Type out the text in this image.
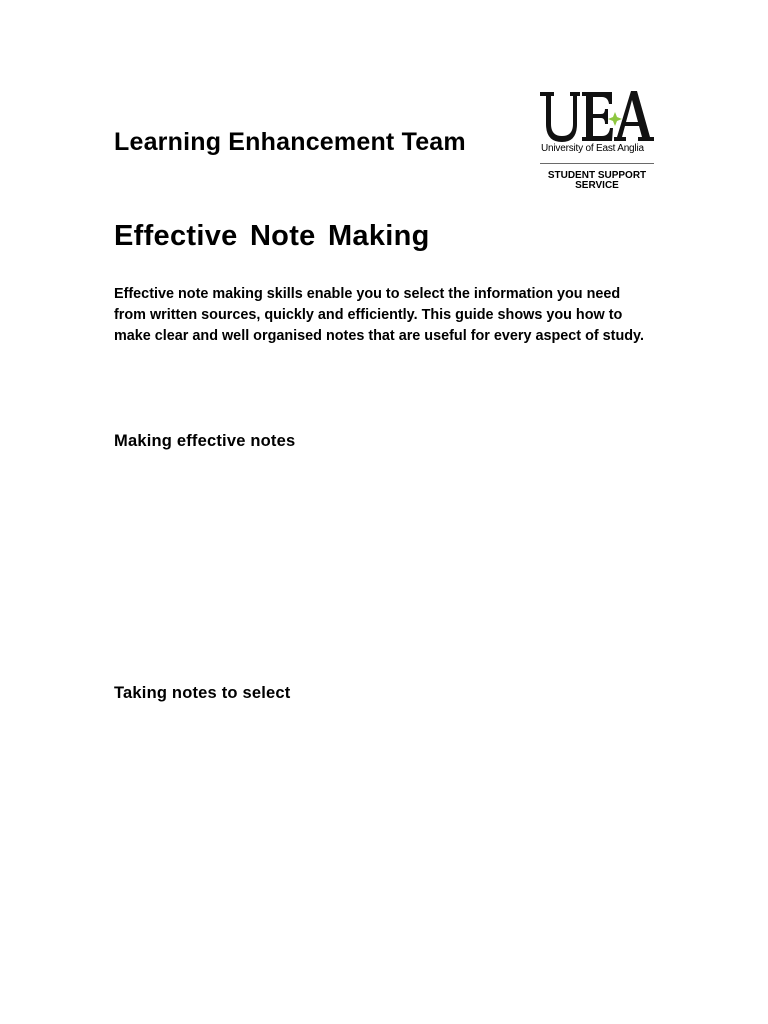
Learning Enhancement Team	University of East Anglia
STUDENT SUPPORT
SERVICE
Effective Note Making

Effective note making skills enable you to select the information you need from written sources, quickly and efficiently. This guide shows you how to make clear and well organised notes that are useful for every aspect of study.

Making effective notes
Taking notes to select
